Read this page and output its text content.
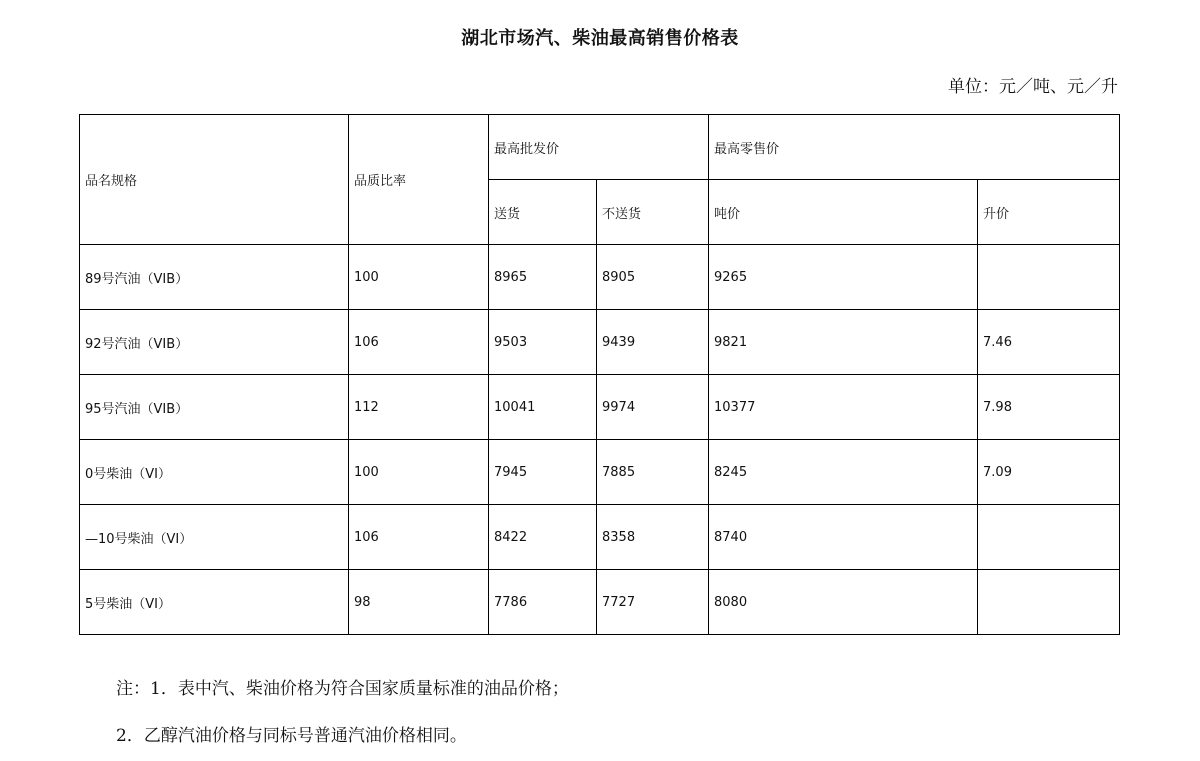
湖北市场汽、柴油最高销售价格表
单位：元／吨、元／升
品名规格	品质比率	最高批发价		最高零售价	
		送货	不送货	吨价	升价
89号汽油（VIB）	100	8965	8905	9265	
92号汽油（VIB）	106	9503	9439	9821	7.46
95号汽油（VIB）	112	10041	9974	10377	7.98
0号柴油（VI）	100	7945	7885	8245	7.09
—10号柴油（VI）	106	8422	8358	8740	
5号柴油（VI）	98	7786	7727	8080	

注：1．表中汽、柴油价格为符合国家质量标准的油品价格；

2．乙醇汽油价格与同标号普通汽油价格相同。
